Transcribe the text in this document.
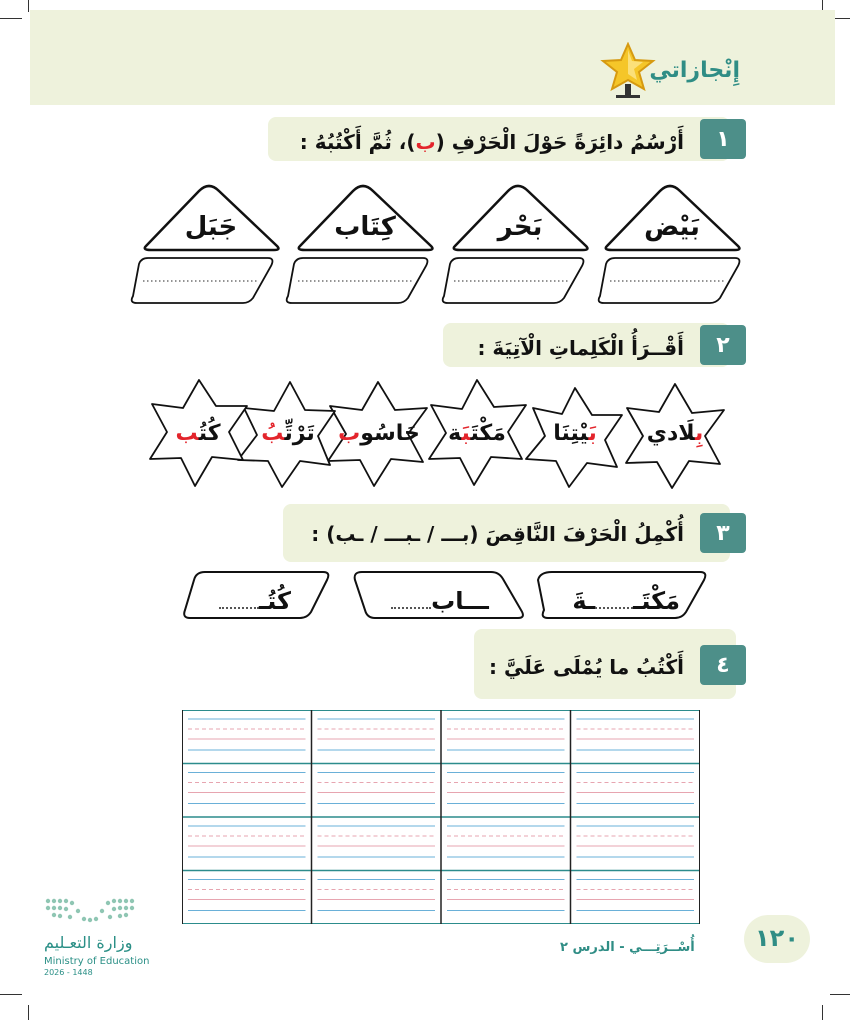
إِنْجازاتي
١
أَرْسُمُ دائِرَةً حَوْلَ الْحَرْفِ (ب)، ثُمَّ أَكْتُبُهُ :
بَيْض
بَحْر
كِتَاب
جَبَل
٢
أَقْــرَأُ الْكَلِماتِ الْآتِيَةَ :
بِلَادي
بَيْتِنَا
مَكْتَبَة
حَاسُوب
تَرْتِّبُ
كُتُب
٣
أُكْمِلُ الْحَرْفَ النَّاقِصَ (بـــ / ـبـــ / ـب) :
مَكْتَــةَ
ـــاب
كُتُـ
٤
أَكْتُبُ ما يُمْلَى عَلَيَّ :
وزارة التعـليم
Ministry of Education
2026 - 1448
أُسْــرَتِـــي - الدرس ٢	١٢٠
